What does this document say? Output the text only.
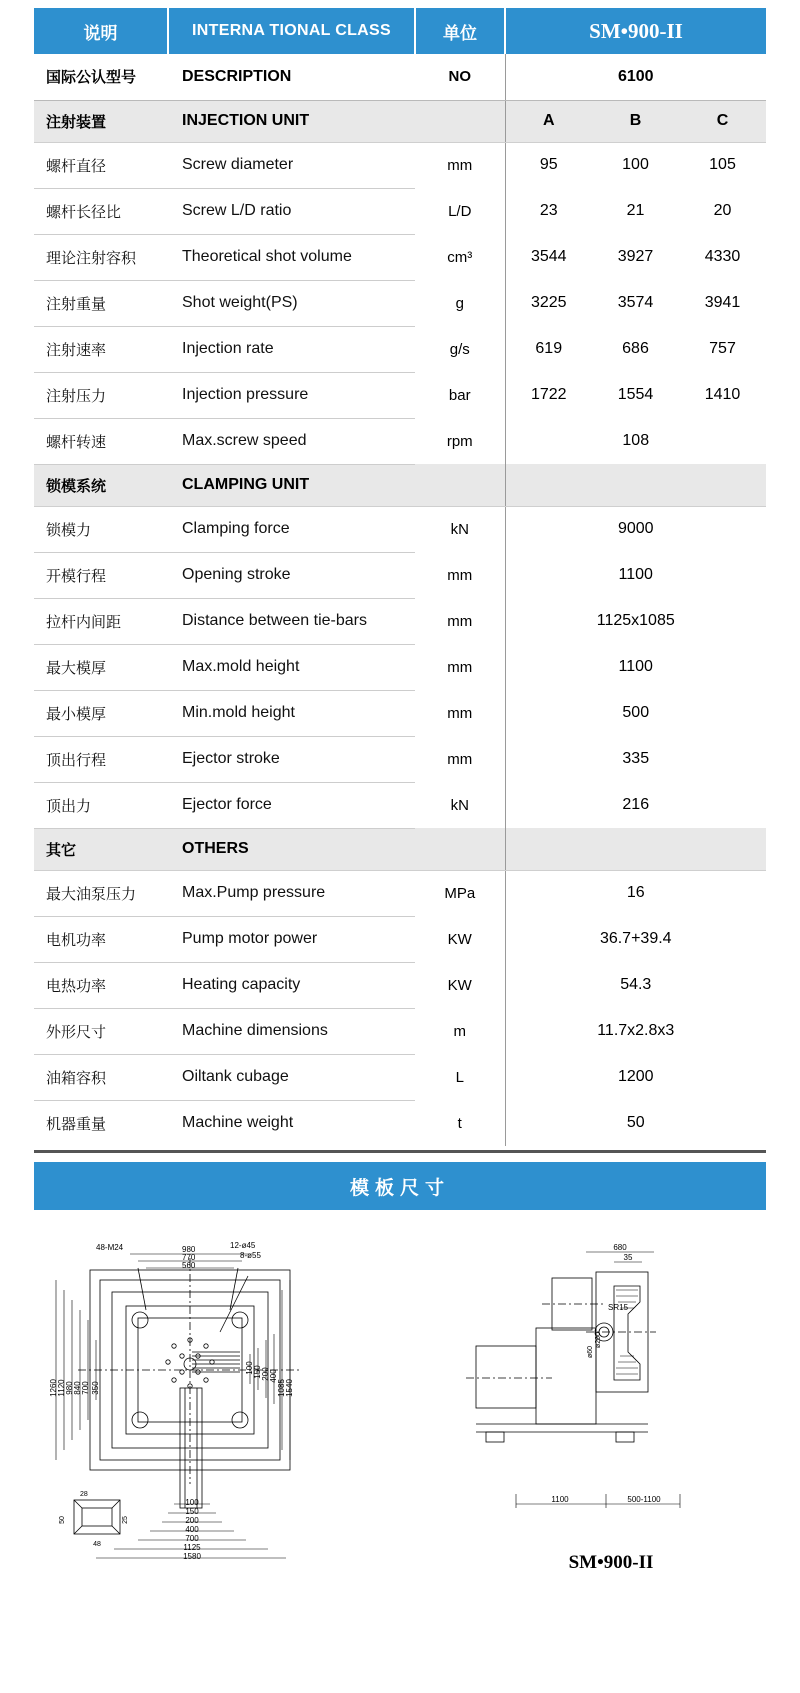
说明	INTERNA TIONAL CLASS	单位	SM•900-II		
国际公认型号	DESCRIPTION	NO	6100		
注射装置	INJECTION UNIT		A	B	C
螺杆直径	Screw diameter	mm	95	100	105
螺杆长径比	Screw L/D ratio	L/D	23	21	20
理论注射容积	Theoretical shot volume	cm³	3544	3927	4330
注射重量	Shot weight(PS)	g	3225	3574	3941
注射速率	Injection rate	g/s	619	686	757
注射压力	Injection pressure	bar	1722	1554	1410
螺杆转速	Max.screw speed	rpm	108		
锁模系统	CLAMPING UNIT				
锁模力	Clamping force	kN	9000		
开模行程	Opening stroke	mm	1100		
拉杆内间距	Distance between tie-bars	mm	1125x1085		
最大模厚	Max.mold height	mm	1100		
最小模厚	Min.mold height	mm	500		
顶出行程	Ejector stroke	mm	335		
顶出力	Ejector force	kN	216		
其它	OTHERS				
最大油泵压力	Max.Pump pressure	MPa	16		
电机功率	Pump motor power	KW	36.7+39.4		
电热功率	Heating capacity	KW	54.3		
外形尺寸	Machine dimensions	m	11.7x2.8x3		
油箱容积	Oiltank cubage	L	1200		
机器重量	Machine weight	t	50		
模板尺寸
980
770
560
48-M24	12-ø45
8-ø55
1260 1120 980 840 700 350	1540
1085
400
200
150
100
100
150
200
400
700
1125
1580
28
50	25
48
680
35
SR15
ø200
ø60
1100	500-1100
SM•900-II
